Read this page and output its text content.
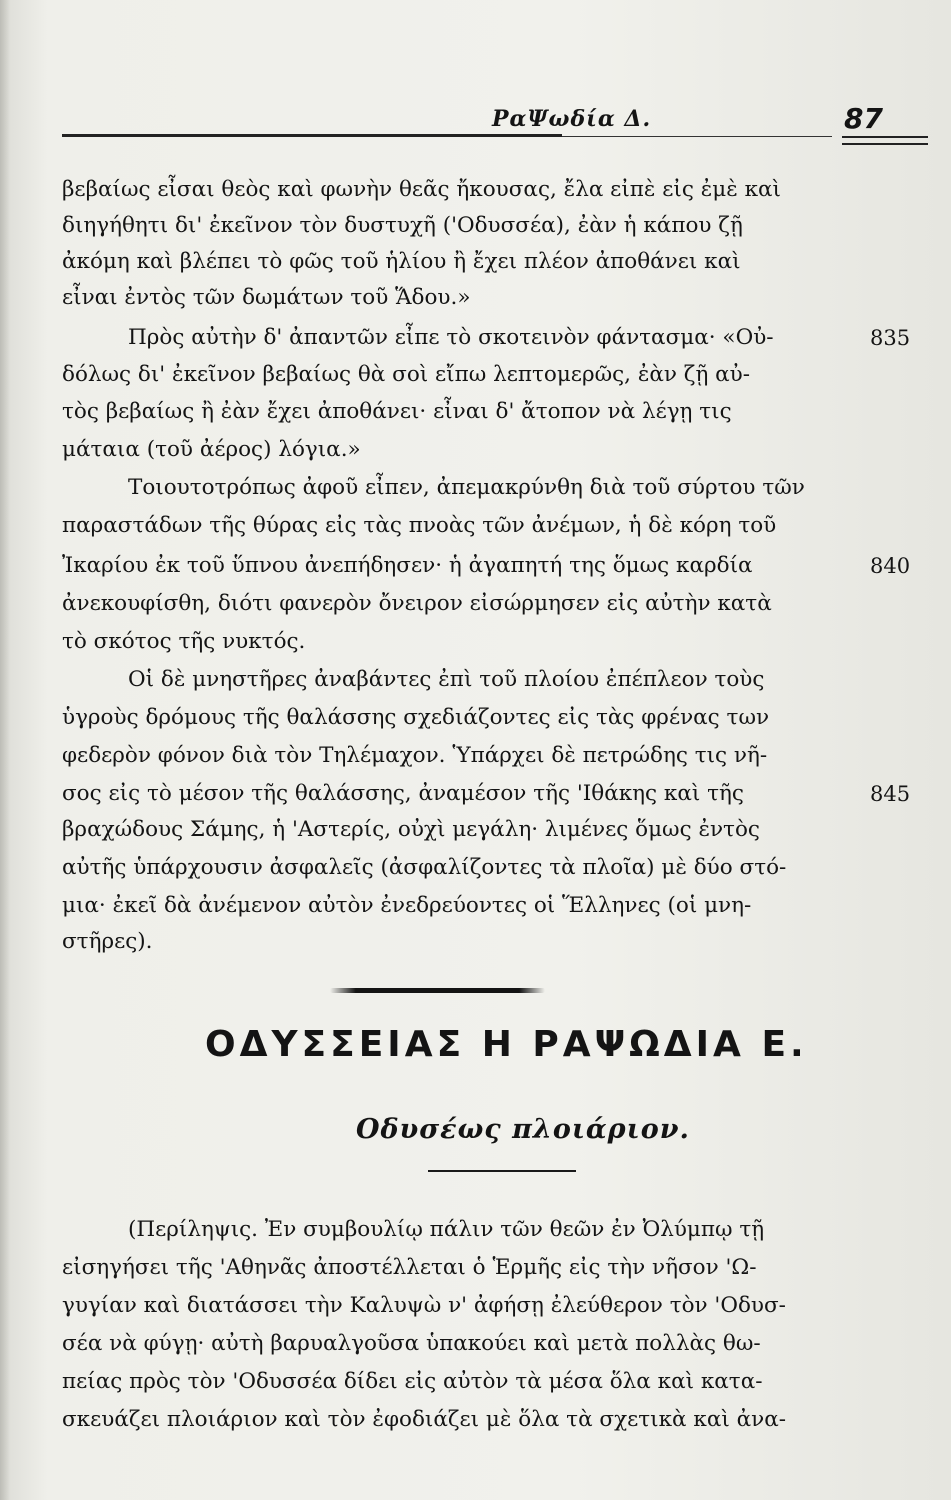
ΡαΨωδία Δ.	87
βεβαίως εἶσαι θεὸς καὶ φωνὴν θεᾶς ἤκουσας, ἔλα εἰπὲ εἰς ἐμὲ καὶ
διηγήθητι δι' ἐκεῖνον τὸν δυστυχῆ ('Οδυσσέα), ἐὰν ἡ κάπου ζῇ
ἀκόμη καὶ βλέπει τὸ φῶς τοῦ ἡλίου ἢ ἔχει πλέον ἀποθάνει καὶ
εἶναι ἐντὸς τῶν δωμάτων τοῦ Ἅδου.»
Πρὸς αὐτὴν δ' ἀπαντῶν εἶπε τὸ σκοτεινὸν φάντασμα· «Οὐ-
δόλως δι' ἐκεῖνον βεβαίως θὰ σοὶ εἴπω λεπτομερῶς, ἐὰν ζῇ αὐ-
τὸς βεβαίως ἢ ἐὰν ἔχει ἀποθάνει· εἶναι δ' ἄτοπον νὰ λέγῃ τις
μάταια (τοῦ ἀέρος) λόγια.»
Τοιουτοτρόπως ἀφοῦ εἶπεν, ἀπεμακρύνθη διὰ τοῦ σύρτου τῶν
παραστάδων τῆς θύρας εἰς τὰς πνοὰς τῶν ἀνέμων, ἡ δὲ κόρη τοῦ
Ἰκαρίου ἐκ τοῦ ὕπνου ἀνεπήδησεν· ἡ ἀγαπητή της ὅμως καρδία
ἀνεκουφίσθη, διότι φανερὸν ὄνειρον εἰσώρμησεν εἰς αὐτὴν κατὰ
τὸ σκότος τῆς νυκτός.
Οἱ δὲ μνηστῆρες ἀναβάντες ἐπὶ τοῦ πλοίου ἐπέπλεον τοὺς
ὑγροὺς δρόμους τῆς θαλάσσης σχεδιάζοντες εἰς τὰς φρένας των
φεδερὸν φόνον διὰ τὸν Τηλέμαχον. Ὑπάρχει δὲ πετρώδης τις νῆ-
σος εἰς τὸ μέσον τῆς θαλάσσης, ἀναμέσον τῆς 'Ιθάκης καὶ τῆς
βραχώδους Σάμης, ἡ 'Αστερίς, οὐχὶ μεγάλη· λιμένες ὅμως ἐντὸς
αὐτῆς ὑπάρχουσιν ἀσφαλεῖς (ἀσφαλίζοντες τὰ πλοῖα) μὲ δύο στό-
μια· ἐκεῖ δὰ ἀνέμενον αὐτὸν ἐνεδρεύοντες οἱ Ἕλληνες (οἱ μνη-
στῆρες).
835
840
845
ΟΔΥΣΣΕΙΑΣ Η ΡΑΨΩΔΙΑ Ε.
Οδυσέως πλοιάριον.
(Περίληψις. Ἐν συμβουλίῳ πάλιν τῶν θεῶν ἐν Ὀλύμπῳ τῇ
εἰσηγήσει τῆς 'Αθηνᾶς ἀποστέλλεται ὁ Ἑρμῆς εἰς τὴν νῆσον 'Ω-
γυγίαν καὶ διατάσσει τὴν Καλυψὼ ν' ἀφήσῃ ἐλεύθερον τὸν 'Οδυσ-
σέα νὰ φύγῃ· αὐτὴ βαρυαλγοῦσα ὑπακούει καὶ μετὰ πολλὰς θω-
πείας πρὸς τὸν 'Οδυσσέα δίδει εἰς αὐτὸν τὰ μέσα ὅλα καὶ κατα-
σκευάζει πλοιάριον καὶ τὸν ἐφοδιάζει μὲ ὅλα τὰ σχετικὰ καὶ ἀνα-
